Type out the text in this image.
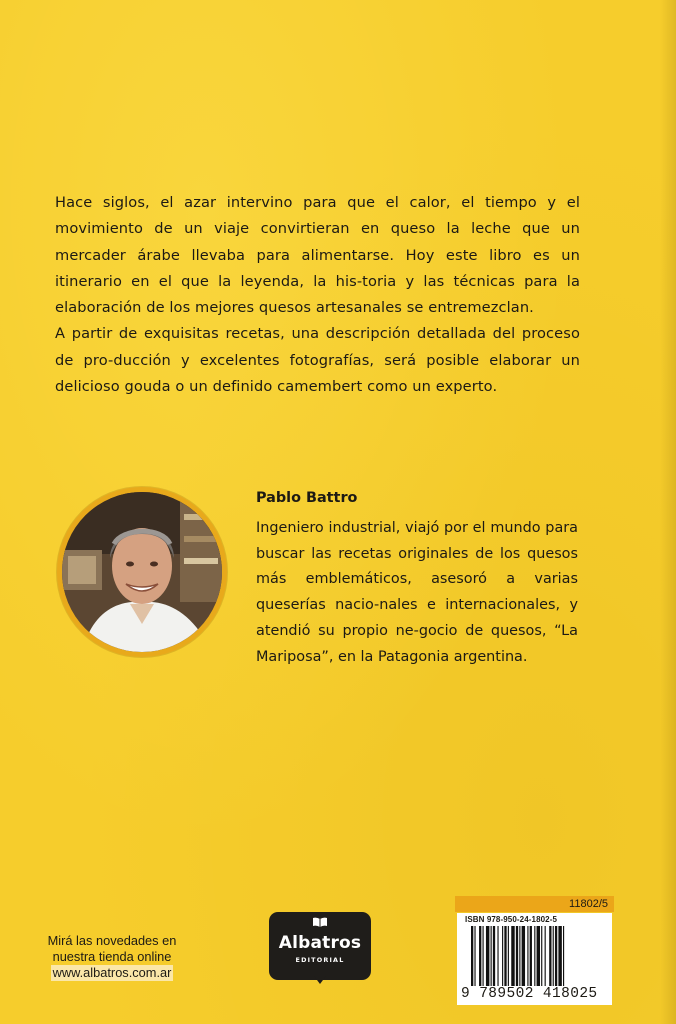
Hace siglos, el azar intervino para que el calor, el tiempo y el movimiento de un viaje convirtieran en queso la leche que un mercader árabe llevaba para alimentarse. Hoy este libro es un itinerario en el que la leyenda, la his-toria y las técnicas para la elaboración de los mejores quesos artesanales se entremezclan.

A partir de exquisitas recetas, una descripción detallada del proceso de pro-ducción y excelentes fotografías, será posible elaborar un delicioso gouda o un definido camembert como un experto.

Pablo Battro

Ingeniero industrial, viajó por el mundo para buscar las recetas originales de los quesos más emblemáticos, asesoró a varias queserías nacio-nales e internacionales, y atendió su propio ne-gocio de quesos, “La Mariposa”, en la Patagonia argentina.

Mirá las novedades en
nuestra tienda online
www.albatros.com.ar
Albatros
EDITORIAL
11802/5
ISBN 978-950-24-1802-5
9 789502 418025
